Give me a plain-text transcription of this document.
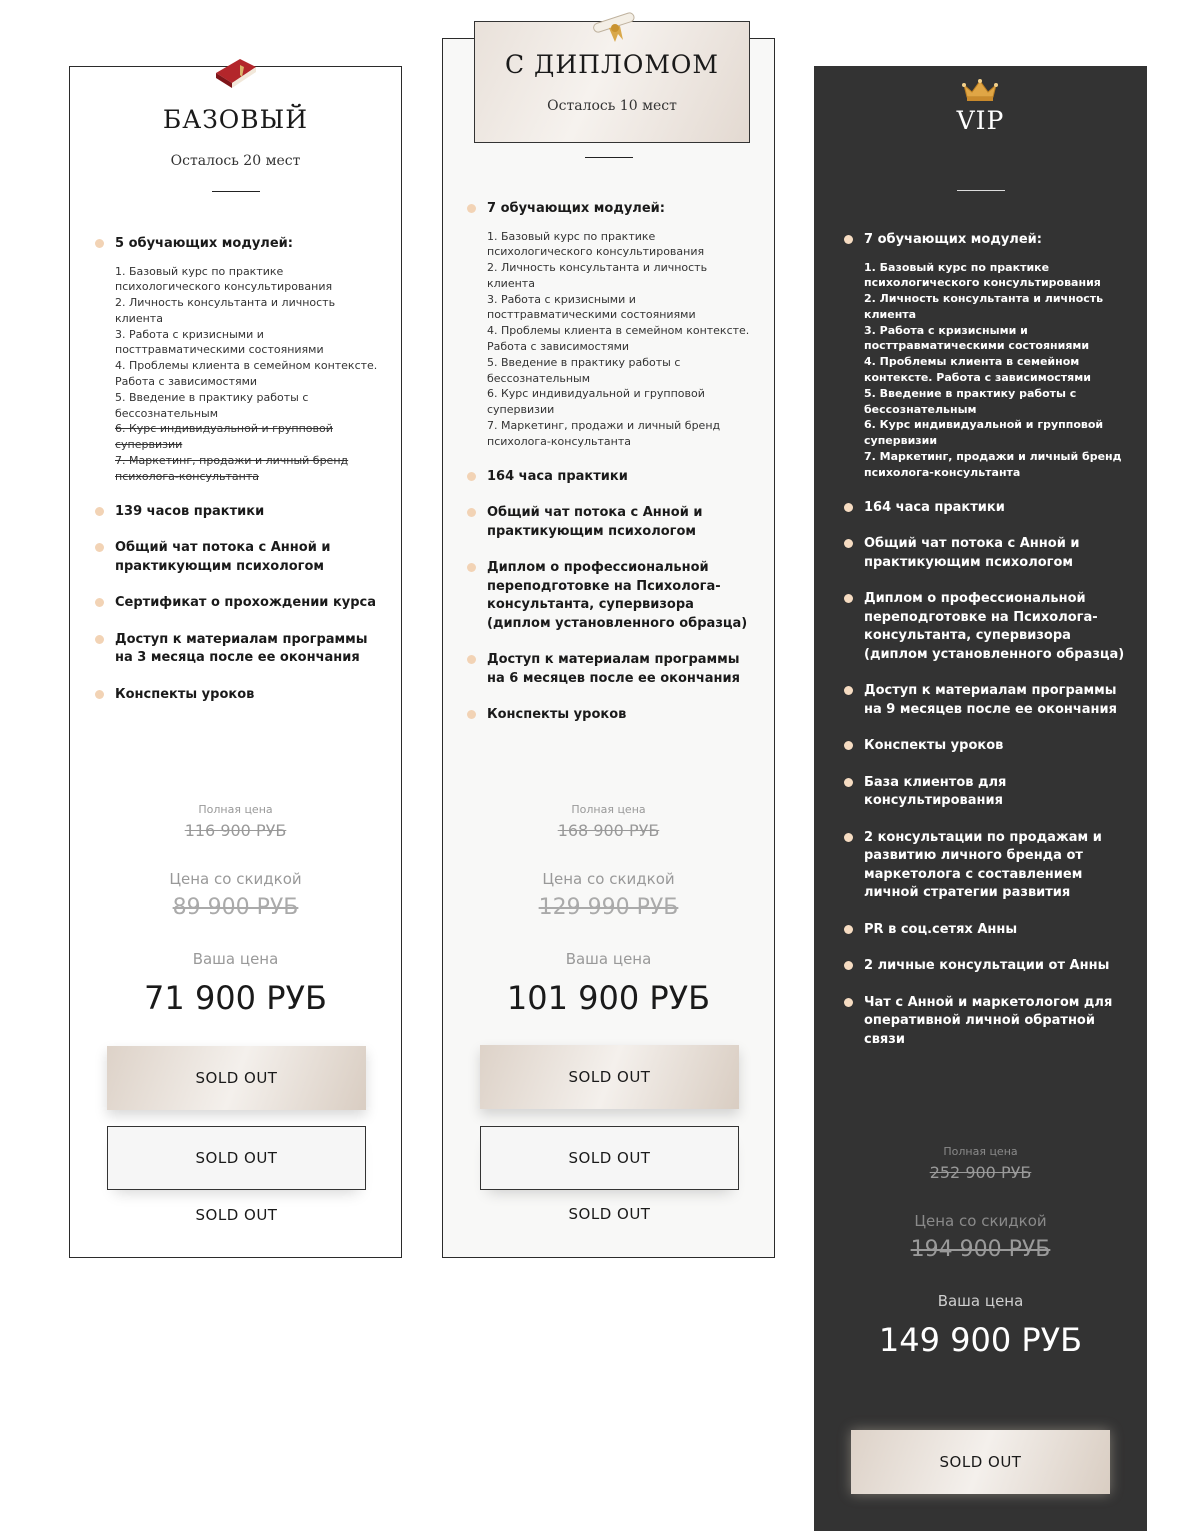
БАЗОВЫЙ
Осталось 20 мест
5 обучающих модулей:
1. Базовый курс по практике психологического консультирования
2. Личность консультанта и личность клиента
3. Работа с кризисными и посттравматическими состояниями
4. Проблемы клиента в семейном контексте. Работа с зависимостями
5. Введение в практику работы с бессознательным
6. Курс индивидуальной и групповой супервизии
7. Маркетинг, продажи и личный бренд психолога-консультанта
139 часов практики
Общий чат потока с Анной и практикующим психологом
Сертификат о прохождении курса
Доступ к материалам программы на 3 месяца после ее окончания
Конспекты уроков
Полная цена
116 900 РУБ
Цена со скидкой
89 900 РУБ
Ваша цена
71 900 РУБ
SOLD OUT
SOLD OUT
SOLD OUT
С ДИПЛОМОМ
Осталось 10 мест
7 обучающих модулей:
1. Базовый курс по практике психологического консультирования
2. Личность консультанта и личность клиента
3. Работа с кризисными и посттравматическими состояниями
4. Проблемы клиента в семейном контексте. Работа с зависимостями
5. Введение в практику работы с бессознательным
6. Курс индивидуальной и групповой супервизии
7. Маркетинг, продажи и личный бренд психолога-консультанта
164 часа практики
Общий чат потока с Анной и практикующим психологом
Диплом о профессиональной переподготовке на Психолога-консультанта, супервизора (диплом установленного образца)
Доступ к материалам программы на 6 месяцев после ее окончания
Конспекты уроков
Полная цена
168 900 РУБ
Цена со скидкой
129 990 РУБ
Ваша цена
101 900 РУБ
SOLD OUT
SOLD OUT
SOLD OUT
VIP
7 обучающих модулей:
1. Базовый курс по практике психологического консультирования
2. Личность консультанта и личность клиента
3. Работа с кризисными и посттравматическими состояниями
4. Проблемы клиента в семейном контексте. Работа с зависимостями
5. Введение в практику работы с бессознательным
6. Курс индивидуальной и групповой супервизии
7. Маркетинг, продажи и личный бренд психолога-консультанта
164 часа практики
Общий чат потока с Анной и практикующим психологом
Диплом о профессиональной переподготовке на Психолога-консультанта, супервизора (диплом установленного образца)
Доступ к материалам программы на 9 месяцев после ее окончания
Конспекты уроков
База клиентов для консультирования
2 консультации по продажам и развитию личного бренда от маркетолога с составлением личной стратегии развития
PR в соц.сетях Анны
2 личные консультации от Анны
Чат с Анной и маркетологом для оперативной личной обратной связи
Полная цена
252 900 РУБ
Цена со скидкой
194 900 РУБ
Ваша цена
149 900 РУБ
SOLD OUT
